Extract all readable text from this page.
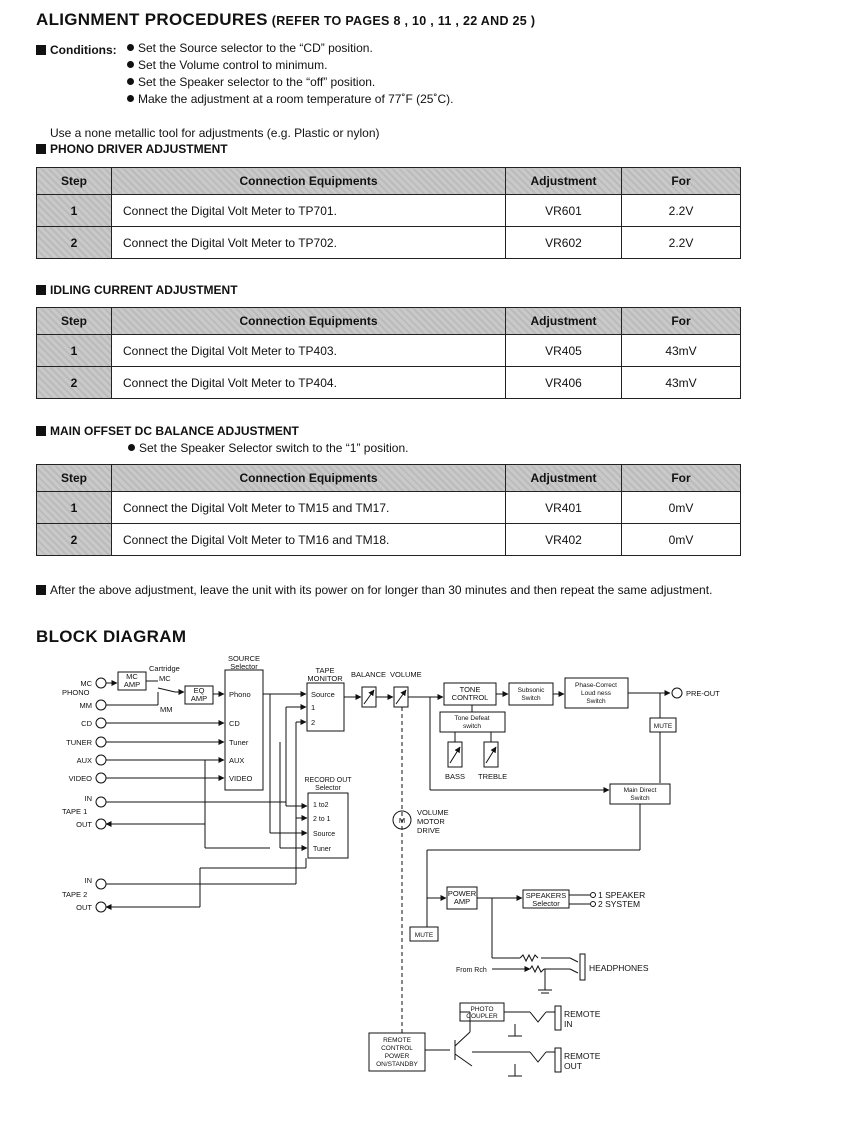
ALIGNMENT PROCEDURES (REFER TO PAGES 8 , 10 , 11 , 22 AND 25 )
Conditions:	Set the Source selector to the “CD” position.
Set the Volume control to minimum.
Set the Speaker selector to the “off” position.
Make the adjustment at a room temperature of 77˚F (25˚C).
Use a none metallic tool for adjustments (e.g. Plastic or nylon)
PHONO DRIVER ADJUSTMENT
Step	Connection Equipments	Adjustment	For
1	Connect the Digital Volt Meter to TP701.	VR601	2.2V
2	Connect the Digital Volt Meter to TP702.	VR602	2.2V
IDLING CURRENT ADJUSTMENT
Step	Connection Equipments	Adjustment	For
1	Connect the Digital Volt Meter to TP403.	VR405	43mV
2	Connect the Digital Volt Meter to TP404.	VR406	43mV
MAIN OFFSET DC BALANCE ADJUSTMENT
Set the Speaker Selector switch to the “1” position.
Step	Connection Equipments	Adjustment	For
1	Connect the Digital Volt Meter to TM15 and TM17.	VR401	0mV
2	Connect the Digital Volt Meter to TM16 and TM18.	VR402	0mV
After the above adjustment, leave the unit with its power on for longer than 30 minutes and then repeat the same adjustment.
BLOCK DIAGRAM
MC
PHONO
MM
CD
TUNER
AUX
VIDEO
IN
TAPE 1
OUT
IN
TAPE 2
OUT
MC
AMP
Cartridge
MC
MM
EQ
AMP
SOURCE
Selector
Phono
CD
Tuner
AUX
VIDEO
TAPE
MONITOR
Source
1
2
BALANCE VOLUME
TONE
CONTROL
Subsonic
Switch
Phase-Correct
Loud ness
Switch
PRE-OUT
MUTE
Tone Defeat
switch
BASS TREBLE
Main Direct
Switch
RECORD OUT
Selector
1 to2
2 to 1
Source
Tuner
M
VOLUME
MOTOR
DRIVE
POWER
AMP
SPEAKERS
Selector
1 SPEAKER
2 SYSTEM
MUTE
From Rch	HEADPHONES
PHOTO
COUPLER	REMOTE
IN
REMOTE
OUT
REMOTE
CONTROL
POWER
ON/STANDBY
